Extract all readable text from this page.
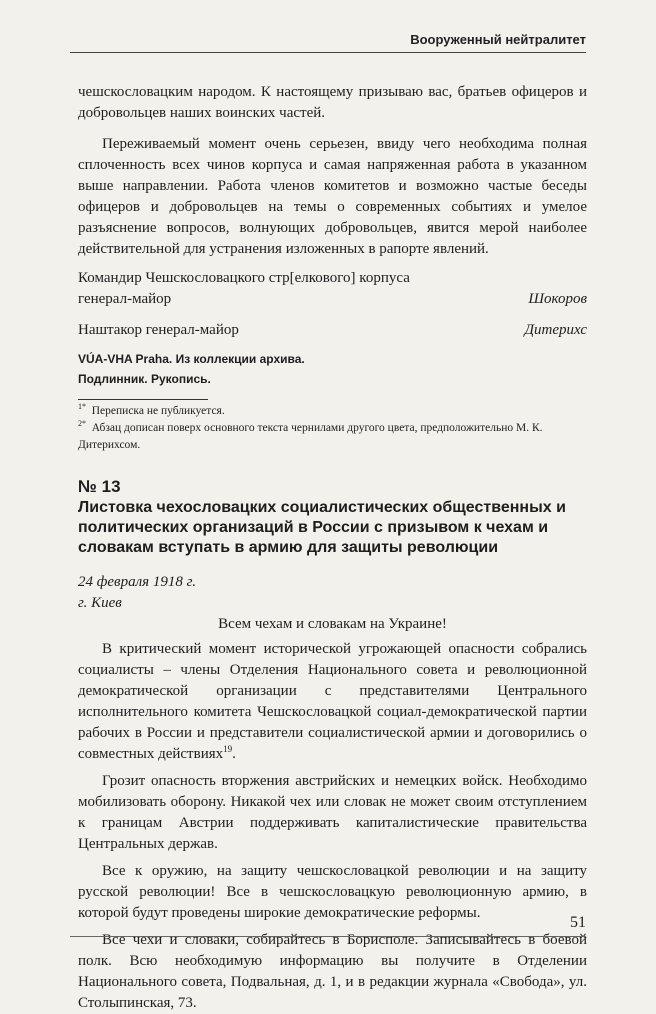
Вооруженный нейтралитет

чешскословацким народом. К настоящему призываю вас, братьев офицеров и добровольцев наших воинских частей.

Переживаемый момент очень серьезен, ввиду чего необходима полная сплоченность всех чинов корпуса и самая напряженная работа в указанном выше направлении. Работа членов комитетов и возможно частые беседы офицеров и добровольцев на темы о современных событиях и умелое разъяснение вопросов, волнующих добровольцев, явится мерой наиболее действительной для устранения изложенных в рапорте явлений.

Командир Чешскословацкого стр[елкового] корпуса
генерал-майор	Шокоров
Наштакор генерал-майор	Дитерихс
VÚA-VHA Praha. Из коллекции архива.
Подлинник. Рукопись.
$^{1*}$ Переписка не публикуется.
$^{2*}$ Абзац дописан поверх основного текста чернилами другого цвета, предположительно М. К. Дитерихсом.
№ 13
Листовка чехословацких социалистических общественных и политических организаций в России с призывом к чехам и словакам вступать в армию для защиты революции
24 февраля 1918 г.
г. Киев
Всем чехам и словакам на Украине!

В критический момент исторической угрожающей опасности собрались социалисты – члены Отделения Национального совета и революционной демократической организации с представителями Центрального исполнительного комитета Чешскословацкой социал-демократической партии рабочих в России и представители социалистической армии и договорились о совместных действиях$^{19}$.

Грозит опасность вторжения австрийских и немецких войск. Необходимо мобилизовать оборону. Никакой чех или словак не может своим отступлением к границам Австрии поддерживать капиталистические правительства Центральных держав.

Все к оружию, на защиту чешскословацкой революции и на защиту русской революции! Все в чешскословацкую революционную армию, в которой будут проведены широкие демократические реформы.

Все чехи и словаки, собирайтесь в Борисполе. Записывайтесь в боевой полк. Всю необходимую информацию вы получите в Отделении Национального совета, Подвальная, д. 1, и в редакции журнала «Свобода», ул. Столыпинская, 73.

51
